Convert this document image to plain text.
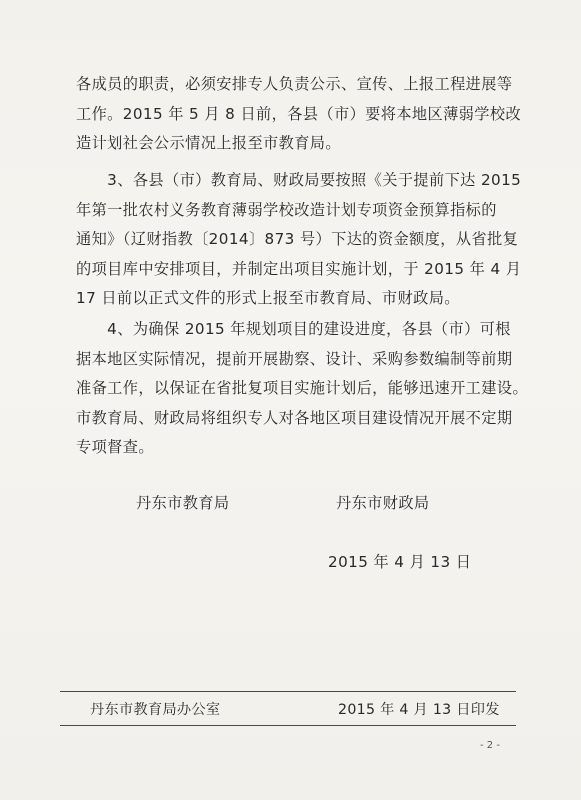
各成员的职责，必须安排专人负责公示、宣传、上报工程进展等
工作。2015 年 5 月 8 日前，各县（市）要将本地区薄弱学校改
造计划社会公示情况上报至市教育局。

　　3、各县（市）教育局、财政局要按照《关于提前下达 2015
年第一批农村义务教育薄弱学校改造计划专项资金预算指标的
通知》（辽财指教〔2014〕873 号）下达的资金额度，从省批复
的项目库中安排项目，并制定出项目实施计划，于 2015 年 4 月
17 日前以正式文件的形式上报至市教育局、市财政局。

　　4、为确保 2015 年规划项目的建设进度，各县（市）可根
据本地区实际情况，提前开展勘察、设计、采购参数编制等前期
准备工作，以保证在省批复项目实施计划后，能够迅速开工建设。
市教育局、财政局将组织专人对各地区项目建设情况开展不定期
专项督查。

丹东市教育局	丹东市财政局

2015 年 4 月 13 日

丹东市教育局办公室	2015 年 4 月 13 日印发

- 2 -
